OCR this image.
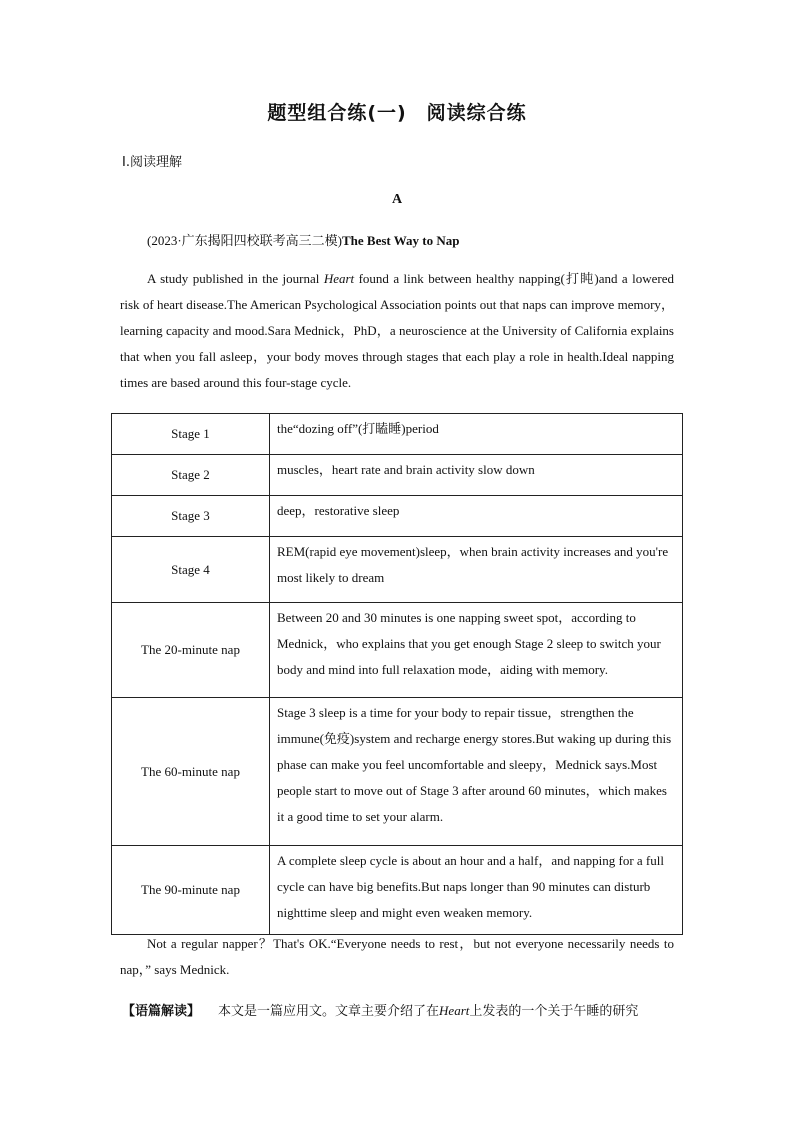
题型组合练(一)　阅读综合练
Ⅰ.阅读理解
A
(2023·广东揭阳四校联考高三二模)The Best Way to Nap
A study published in the journal Heart found a link between healthy napping(打盹)and a lowered risk of heart disease.The American Psychological Association points out that naps can improve memory，learning capacity and mood.Sara Mednick，PhD，a neuroscience at the University of California explains that when you fall asleep，your body moves through stages that each play a role in health.Ideal napping times are based around this four-stage cycle.
Stage 1	the“dozing off”(打瞌睡)period
Stage 2	muscles，heart rate and brain activity slow down
Stage 3	deep，restorative sleep
Stage 4	REM(rapid eye movement)sleep，when brain activity increases and you're most likely to dream
The 20-minute nap	Between 20 and 30 minutes is one napping sweet spot，according to Mednick，who explains that you get enough Stage 2 sleep to switch your body and mind into full relaxation mode，aiding with memory.
The 60-minute nap	Stage 3 sleep is a time for your body to repair tissue，strengthen the immune(免疫)system and recharge energy stores.But waking up during this phase can make you feel uncomfortable and sleepy，Mednick says.Most people start to move out of Stage 3 after around 60 minutes，which makes it a good time to set your alarm.
The 90-minute nap	A complete sleep cycle is about an hour and a half，and napping for a full cycle can have big benefits.But naps longer than 90 minutes can disturb nighttime sleep and might even weaken memory.
Not a regular napper？That's OK.“Everyone needs to rest，but not everyone necessarily needs to nap，” says Mednick.
【语篇解读】 本文是一篇应用文。文章主要介绍了在Heart上发表的一个关于午睡的研究
